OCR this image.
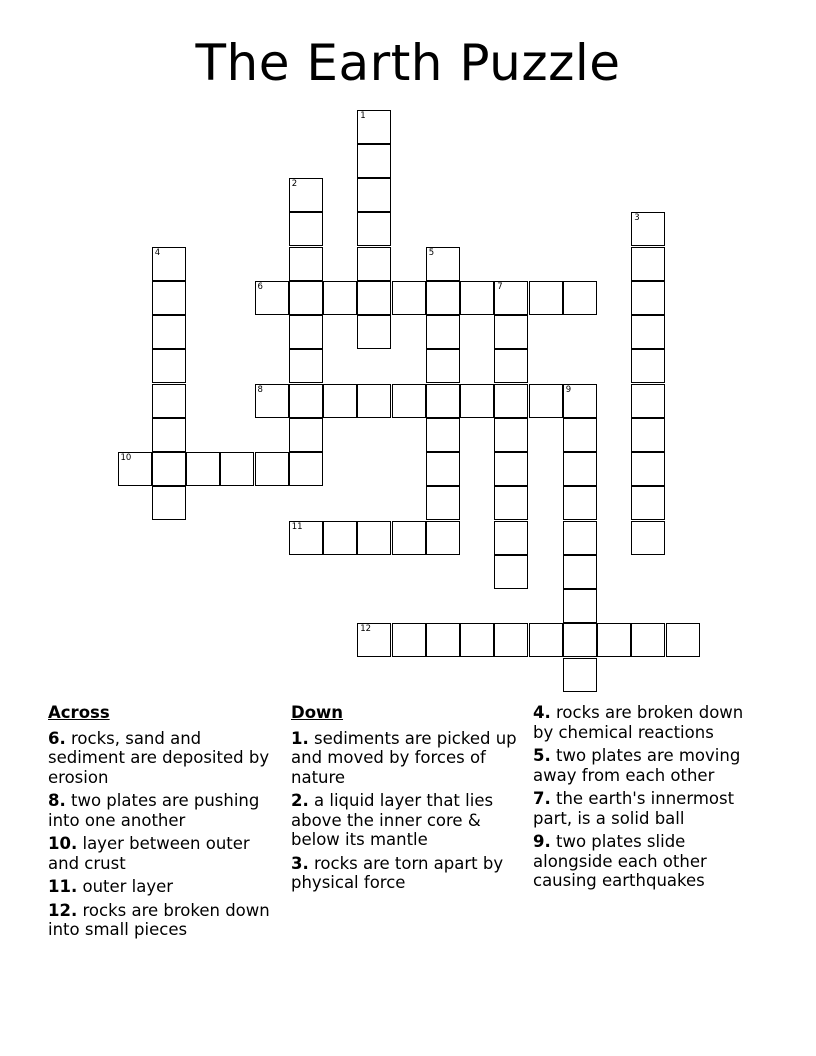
The Earth Puzzle
1
2
3
4	5
6	7
8	9
10
11
12
Across
6. rocks, sand and sediment are deposited by erosion
8. two plates are pushing into one another
10. layer between outer and crust
11. outer layer
12. rocks are broken down into small pieces
Down
1. sediments are picked up and moved by forces of nature
2. a liquid layer that lies above the inner core & below its mantle
3. rocks are torn apart by physical force
4. rocks are broken down by chemical reactions
5. two plates are moving away from each other
7. the earth's innermost part, is a solid ball
9. two plates slide alongside each other causing earthquakes
